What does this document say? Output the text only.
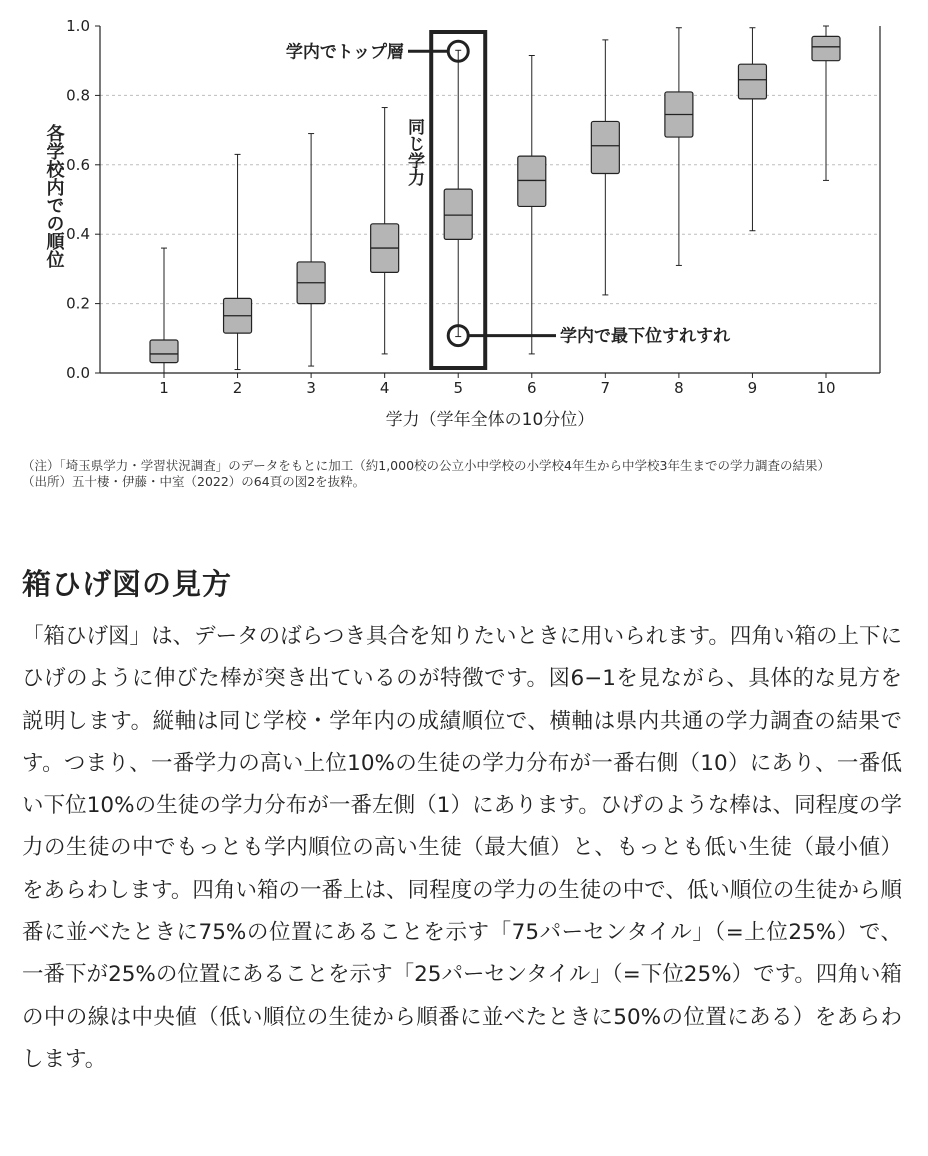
0.0
0.2
0.4
0.6
0.8
1.0
1	2	3	4	5	6	7	8	9	10
学内でトップ層
学内で最下位すれすれ
同じ学力
各学校内での順位
学力（学年全体の10分位）

（注）「埼玉県学力・学習状況調査」のデータをもとに加工（約1,000校の公立小中学校の小学校4年生から中学校3年生までの学力調査の結果）

（出所）五十棲・伊藤・中室（2022）の64頁の図2を抜粋。

箱ひげ図の見方

「箱ひげ図」は、データのばらつき具合を知りたいときに用いられます。四角い箱の上下にひげのように伸びた棒が突き出ているのが特徴です。図6−1を見ながら、具体的な見方を説明します。縦軸は同じ学校・学年内の成績順位で、横軸は県内共通の学力調査の結果です。つまり、一番学力の高い上位10%の生徒の学力分布が一番右側（10）にあり、一番低い下位10%の生徒の学力分布が一番左側（1）にあります。ひげのような棒は、同程度の学力の生徒の中でもっとも学内順位の高い生徒（最大値）と、もっとも低い生徒（最小値）をあらわします。四角い箱の一番上は、同程度の学力の生徒の中で、低い順位の生徒から順番に並べたときに75%の位置にあることを示す「75パーセンタイル」（=上位25%）で、一番下が25%の位置にあることを示す「25パーセンタイル」（=下位25%）です。四角い箱の中の線は中央値（低い順位の生徒から順番に並べたときに50%の位置にある）をあらわします。
